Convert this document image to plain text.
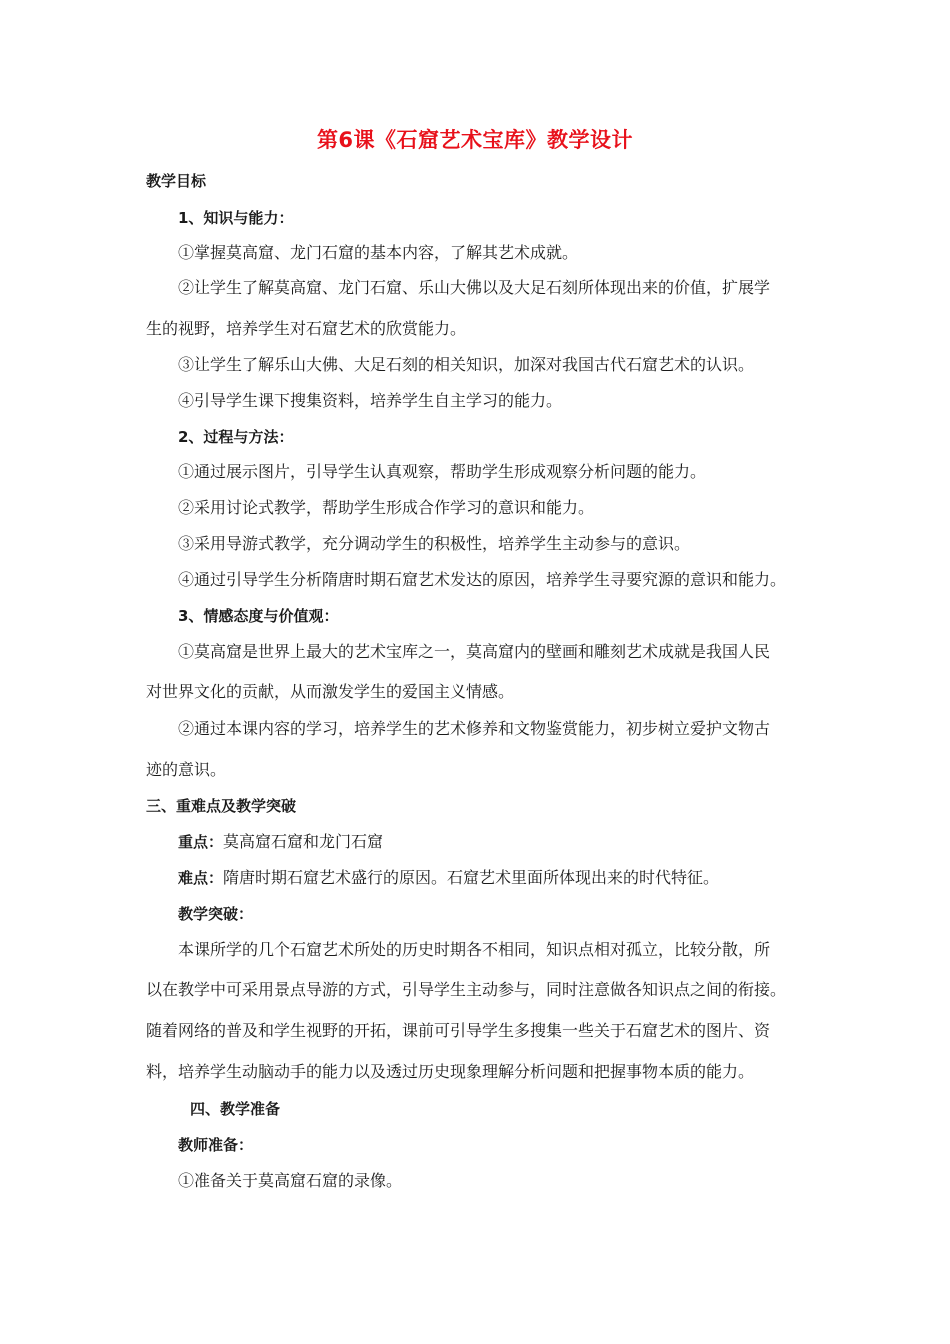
第6课《石窟艺术宝库》教学设计
教学目标
1、知识与能力：
①掌握莫高窟、龙门石窟的基本内容，了解其艺术成就。
②让学生了解莫高窟、龙门石窟、乐山大佛以及大足石刻所体现出来的价值，扩展学
生的视野，培养学生对石窟艺术的欣赏能力。
③让学生了解乐山大佛、大足石刻的相关知识，加深对我国古代石窟艺术的认识。
④引导学生课下搜集资料，培养学生自主学习的能力。
2、过程与方法：
①通过展示图片，引导学生认真观察，帮助学生形成观察分析问题的能力。
②采用讨论式教学，帮助学生形成合作学习的意识和能力。
③采用导游式教学，充分调动学生的积极性，培养学生主动参与的意识。
④通过引导学生分析隋唐时期石窟艺术发达的原因，培养学生寻要究源的意识和能力。
3、情感态度与价值观：
①莫高窟是世界上最大的艺术宝库之一，莫高窟内的壁画和雕刻艺术成就是我国人民
对世界文化的贡献，从而激发学生的爱国主义情感。
②通过本课内容的学习，培养学生的艺术修养和文物鉴赏能力，初步树立爱护文物古
迹的意识。
三、重难点及教学突破
重点：莫高窟石窟和龙门石窟
难点：隋唐时期石窟艺术盛行的原因。石窟艺术里面所体现出来的时代特征。
教学突破：
本课所学的几个石窟艺术所处的历史时期各不相同，知识点相对孤立，比较分散，所
以在教学中可采用景点导游的方式，引导学生主动参与，同时注意做各知识点之间的衔接。
随着网络的普及和学生视野的开拓，课前可引导学生多搜集一些关于石窟艺术的图片、资
料，培养学生动脑动手的能力以及透过历史现象理解分析问题和把握事物本质的能力。
四、教学准备
教师准备：
①准备关于莫高窟石窟的录像。
